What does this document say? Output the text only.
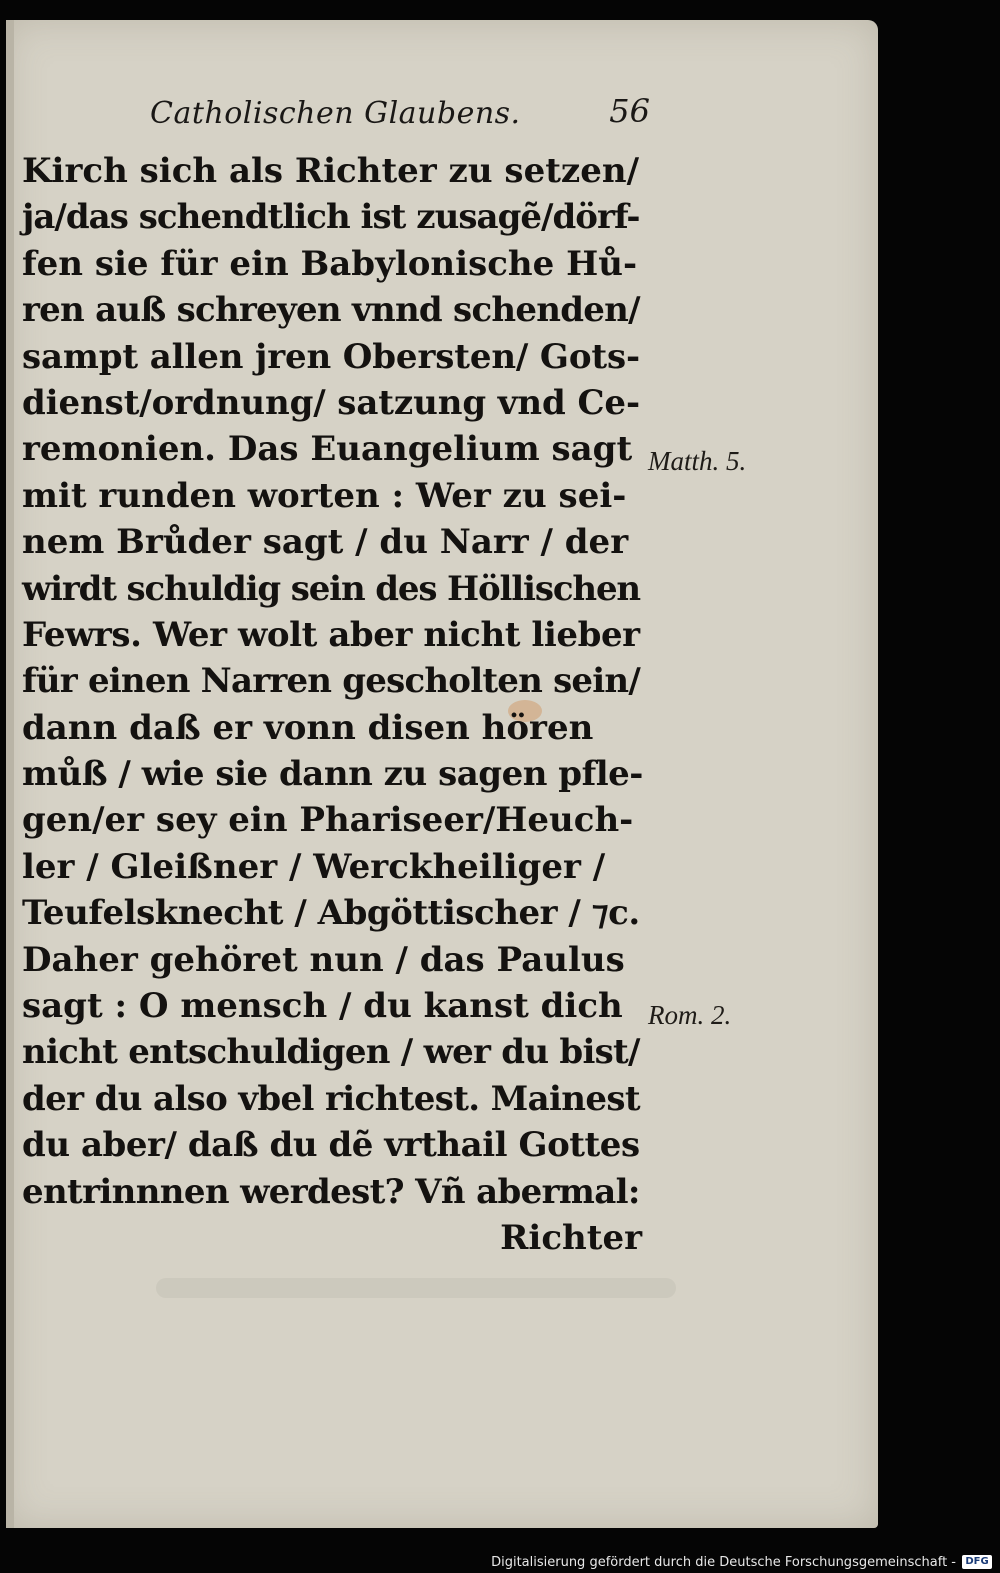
Catholischen Glaubens.	56
Kirch sich als Richter zu setzen/
ja/das schendtlich ist zusagẽ/dörf-
fen sie für ein Babylonische Hů-
ren auß schreyen vnnd schenden/
sampt allen jren Obersten/ Gots-
dienst/ordnung/ satzung vnd Ce-
remonien. Das Euangelium sagt
mit runden worten : Wer zu sei-
nem Brůder sagt / du Narr / der
wirdt schuldig sein des Höllischen
Fewrs. Wer wolt aber nicht lieber
für einen Narren gescholten sein/
dann daß er vonn disen hören
můß / wie sie dann zu sagen pfle-
gen/er sey ein Phariseer/Heuch-
ler / Gleißner / Werckheiliger /
Teufelsknecht / Abgöttischer / ⁊c.
Daher gehöret nun / das Paulus
sagt : O mensch / du kanst dich
nicht entschuldigen / wer du bist/
der du also vbel richtest. Mainest
du aber/ daß du dẽ vrthail Gottes
entrinnnen werdest? Vñ abermal:
Richter
Matth. 5.
Rom. 2.
Digitalisierung gefördert durch die Deutsche Forschungsgemeinschaft - DFG
